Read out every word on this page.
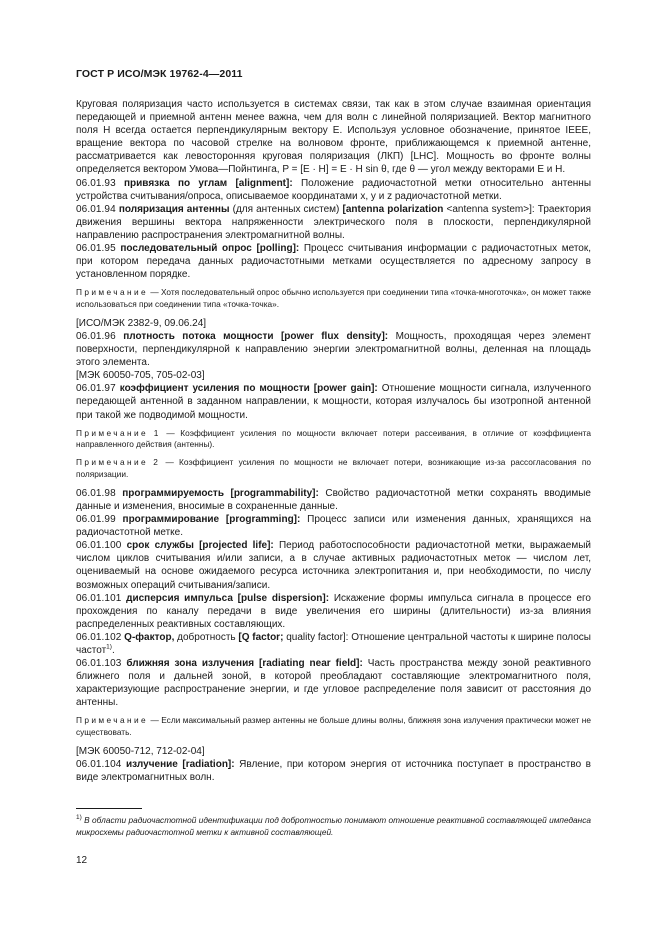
ГОСТ Р ИСО/МЭК 19762-4—2011

Круговая поляризация часто используется в системах связи, так как в этом случае взаимная ориентация передающей и приемной антенн менее важна, чем для волн с линейной поляризацией. Вектор магнитного поля H всегда остается перпендикулярным вектору E. Используя условное обозначение, принятое IEEE, вращение вектора по часовой стрелке на волновом фронте, приближающемся к приемной антенне, рассматривается как левосторонняя круговая поляризация (ЛКП) [LHC]. Мощность во фронте волны определяется вектором Умова—Пойнтинга, P = [E · H] = E · H sin θ, где θ — угол между векторами E и H.

06.01.93 привязка по углам [alignment]: Положение радиочастотной метки относительно антенны устройства считывания/опроса, описываемое координатами x, y и z радиочастотной метки.

06.01.94 поляризация антенны (для антенных систем) [antenna polarization <antenna system>]: Траектория движения вершины вектора напряженности электрического поля в плоскости, перпендикулярной направлению распространения электромагнитной волны.

06.01.95 последовательный опрос [polling]: Процесс считывания информации с радиочастотных меток, при котором передача данных радиочастотными метками осуществляется по адресному запросу в установленном порядке.

Примечание — Хотя последовательный опрос обычно используется при соединении типа «точка-многоточка», он может также использоваться при соединении типа «точка-точка».

[ИСО/МЭК 2382-9, 09.06.24]

06.01.96 плотность потока мощности [power flux density]: Мощность, проходящая через элемент поверхности, перпендикулярной к направлению энергии электромагнитной волны, деленная на площадь этого элемента.

[МЭК 60050-705, 705-02-03]

06.01.97 коэффициент усиления по мощности [power gain]: Отношение мощности сигнала, излученного передающей антенной в заданном направлении, к мощности, которая излучалось бы изотропной антенной при такой же подводимой мощности.

Примечание 1 — Коэффициент усиления по мощности включает потери рассеивания, в отличие от коэффициента направленного действия (антенны).
Примечание 2 — Коэффициент усиления по мощности не включает потери, возникающие из-за рассогласования по поляризации.

06.01.98 программируемость [programmability]: Свойство радиочастотной метки сохранять вводимые данные и изменения, вносимые в сохраненные данные.

06.01.99 программирование [programming]: Процесс записи или изменения данных, хранящихся на радиочастотной метке.

06.01.100 срок службы [projected life]: Период работоспособности радиочастотной метки, выражаемый числом циклов считывания и/или записи, а в случае активных радиочастотных меток — числом лет, оцениваемый на основе ожидаемого ресурса источника электропитания и, при необходимости, по числу возможных операций считывания/записи.

06.01.101 дисперсия импульса [pulse dispersion]: Искажение формы импульса сигнала в процессе его прохождения по каналу передачи в виде увеличения его ширины (длительности) из-за влияния распределенных реактивных составляющих.

06.01.102 Q-фактор, добротность [Q factor; quality factor]: Отношение центральной частоты к ширине полосы частот$^{1)}$.

06.01.103 ближняя зона излучения [radiating near field]: Часть пространства между зоной реактивного ближнего поля и дальней зоной, в которой преобладают составляющие электромагнитного поля, характеризующие распространение энергии, и где угловое распределение поля зависит от расстояния до антенны.

Примечание — Если максимальный размер антенны не больше длины волны, ближняя зона излучения практически может не существовать.

[МЭК 60050-712, 712-02-04]

06.01.104 излучение [radiation]: Явление, при котором энергия от источника поступает в пространство в виде электромагнитных волн.

$^{1)}$ В области радиочастотной идентификации под добротностью понимают отношение реактивной составляющей импеданса микросхемы радиочастотной метки к активной составляющей.
12
